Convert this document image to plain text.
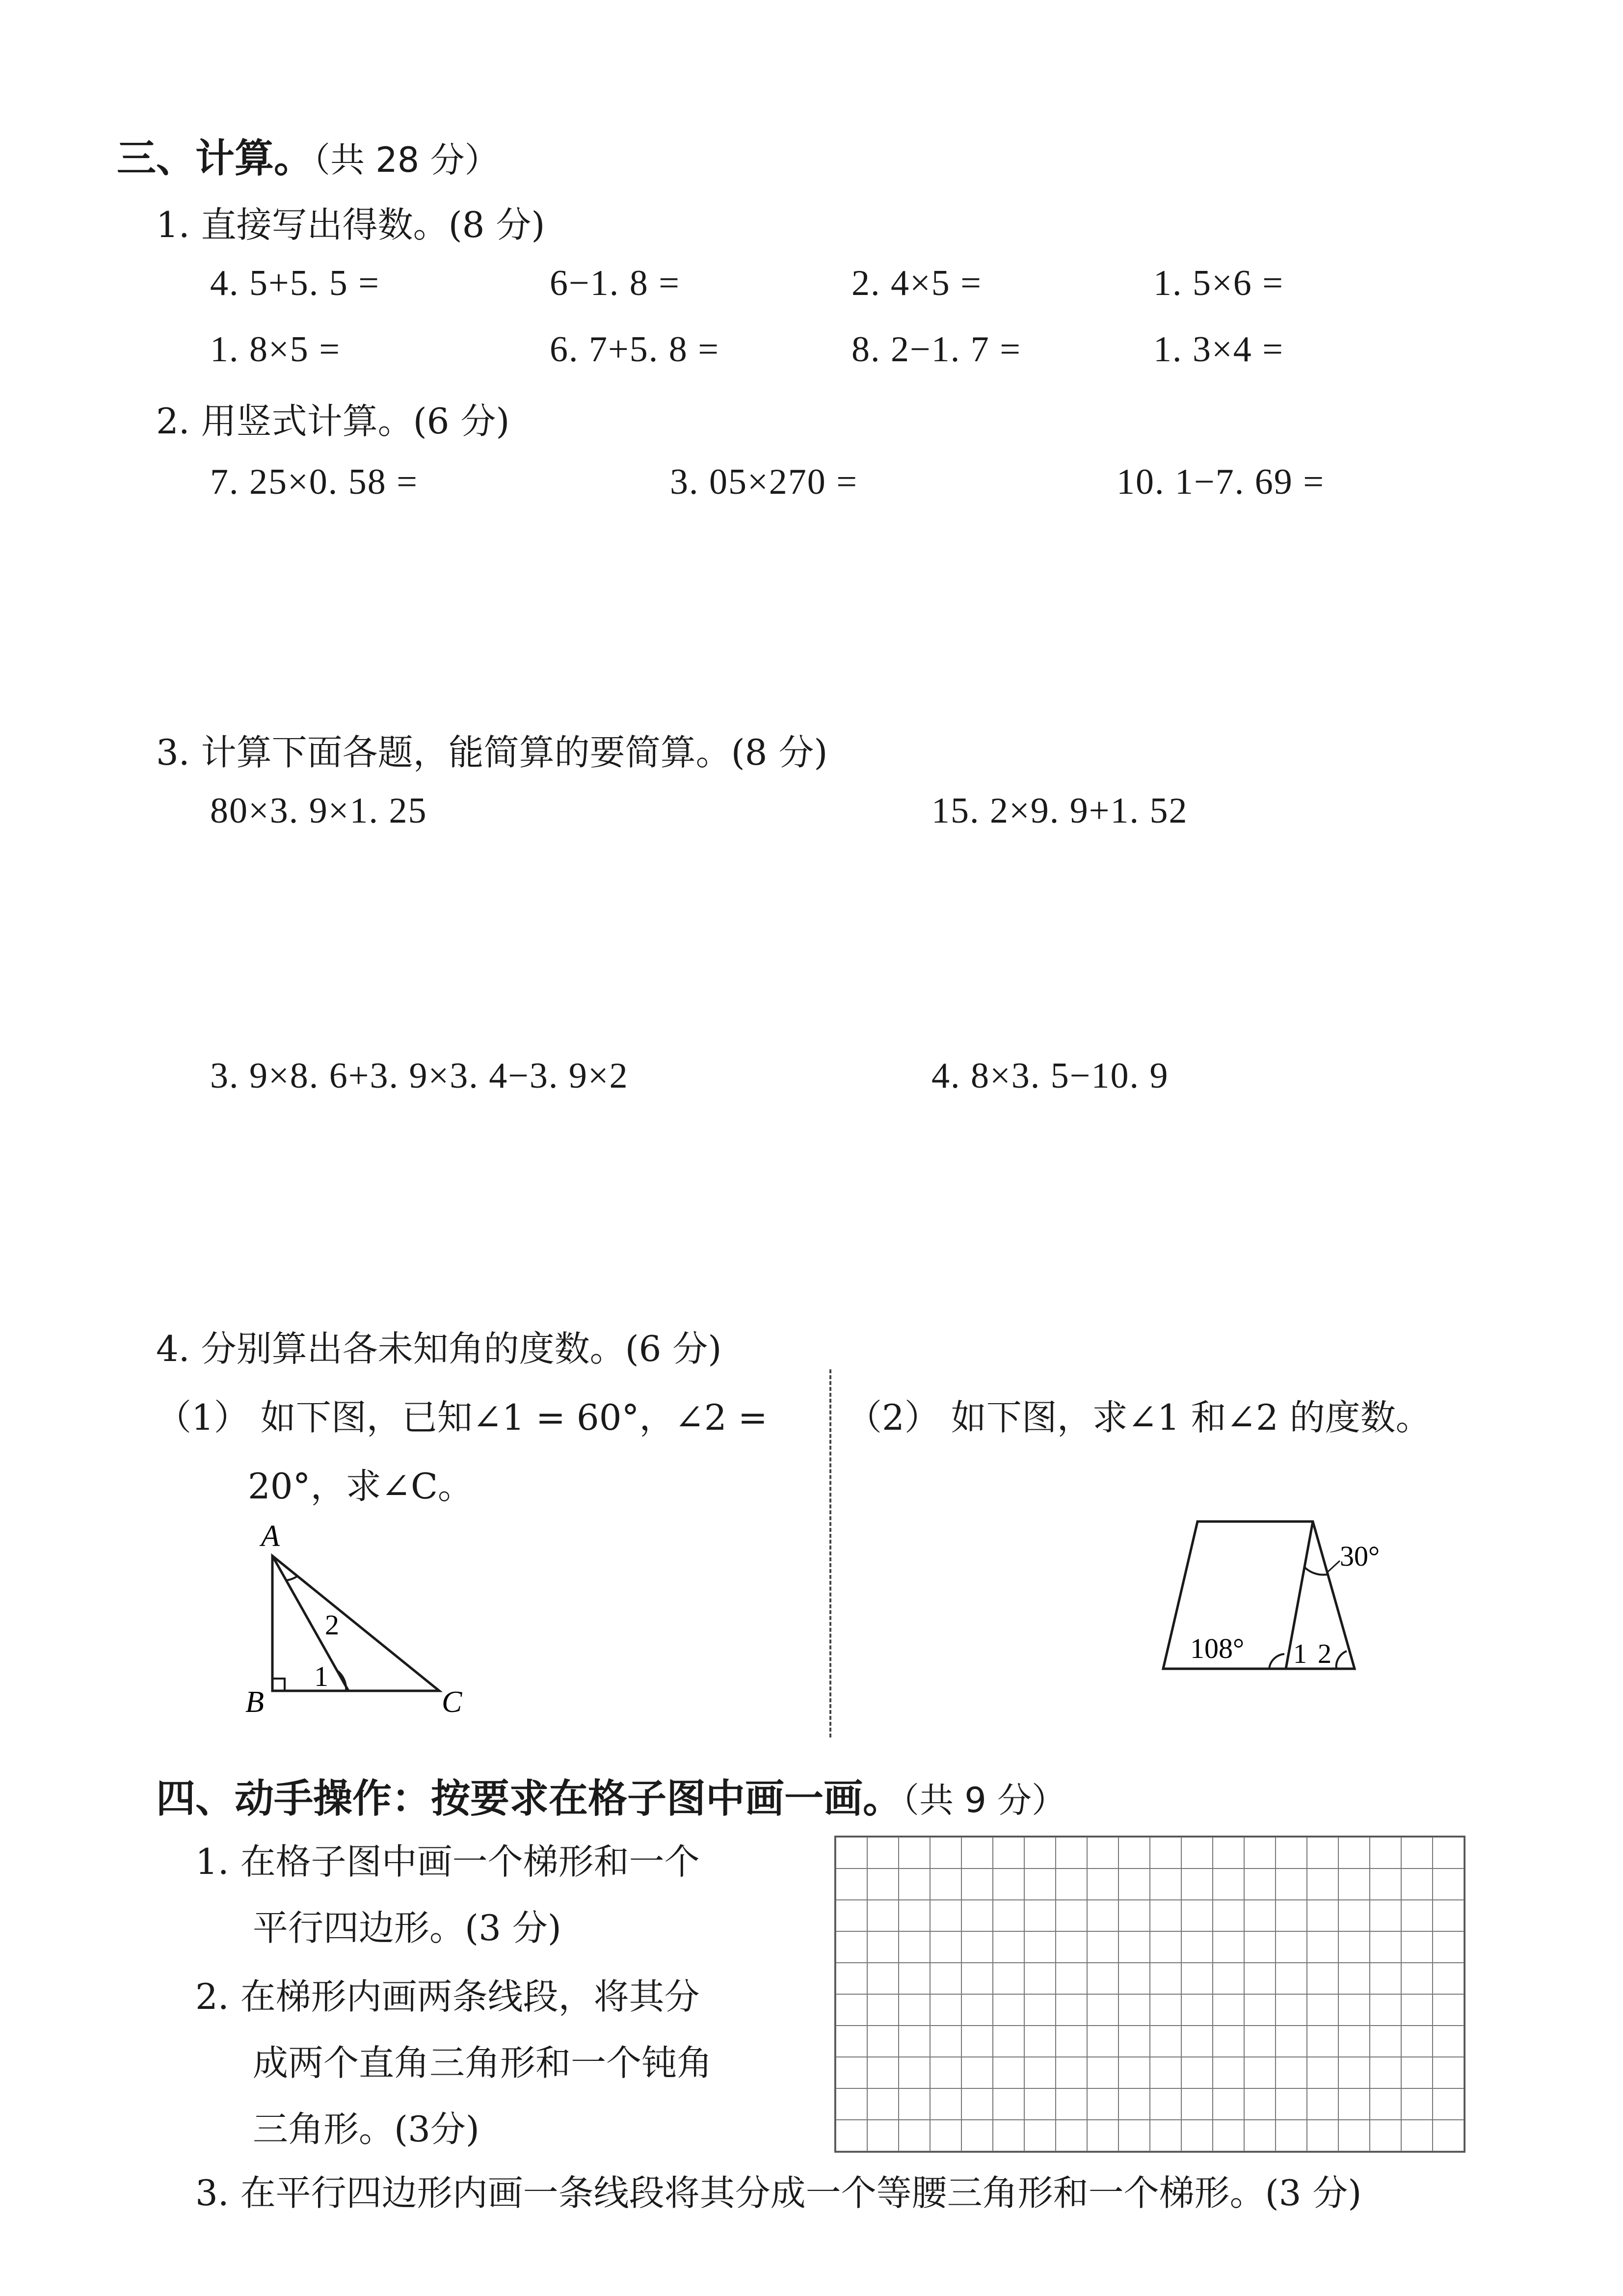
三、计算。（共 28 分）
1. 直接写出得数。(8 分)
4. 5+5. 5 =	6−1. 8 =	2. 4×5 =	1. 5×6 =
1. 8×5 =	6. 7+5. 8 =	8. 2−1. 7 =	1. 3×4 =
2. 用竖式计算。(6 分)
7. 25×0. 58 =	3. 05×270 =	10. 1−7. 69 =
3. 计算下面各题，能简算的要简算。(8 分)
80×3. 9×1. 25	15. 2×9. 9+1. 52
3. 9×8. 6+3. 9×3. 4−3. 9×2	4. 8×3. 5−10. 9
4. 分别算出各未知角的度数。(6 分)
（1） 如下图，已知∠1 = 60°，∠2 =
20°，求∠C。
（2） 如下图，求∠1 和∠2 的度数。
A
B	C
1
2
30°
108° 1 2
四、动手操作：按要求在格子图中画一画。（共 9 分）
1. 在格子图中画一个梯形和一个
平行四边形。(3 分)
2. 在梯形内画两条线段，将其分
成两个直角三角形和一个钝角
三角形。(3分)
3. 在平行四边形内画一条线段将其分成一个等腰三角形和一个梯形。(3 分)
